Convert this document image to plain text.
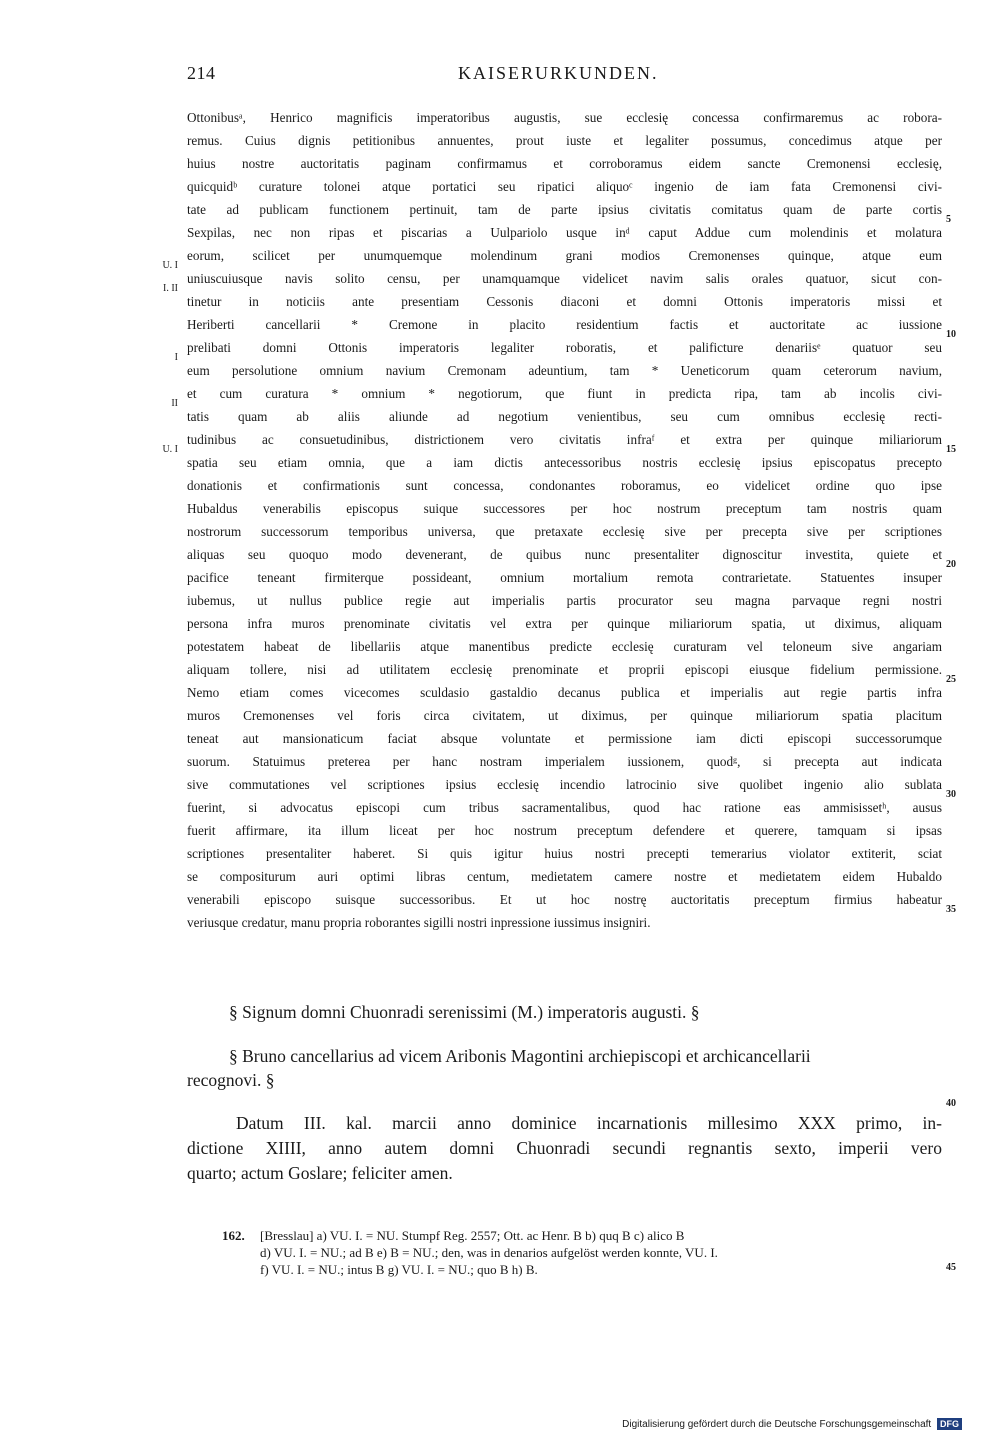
214	KAISERURKUNDEN.
Ottonibusᵃ, Henrico magnificis imperatoribus augustis, sue ecclesię concessa confirmaremus ac robora-
remus. Cuius dignis petitionibus annuentes, prout iuste et legaliter possumus, concedimus atque per
huius nostre auctoritatis paginam confirmamus et corroboramus eidem sancte Cremonensi ecclesię,
quicquidᵇ curature tolonei atque portatici seu ripatici aliquoᶜ ingenio de iam fata Cremonensi civi-
tate ad publicam functionem pertinuit, tam de parte ipsius civitatis comitatus quam de parte cortis
Sexpilas, nec non ripas et piscarias a Uulpariolo usque inᵈ caput Addue cum molendinis et molatura
eorum, scilicet per unumquemque molendinum grani modios Cremonenses quinque, atque eum
uniuscuiusque navis solito censu, per unamquamque videlicet navim salis orales quatuor, sicut con-
tinetur in noticiis ante presentiam Cessonis diaconi et domni Ottonis imperatoris missi et
Heriberti cancellarii * Cremone in placito residentium factis et auctoritate ac iussione
prelibati domni Ottonis imperatoris legaliter roboratis, et palificture denariisᵉ quatuor seu
eum persolutione omnium navium Cremonam adeuntium, tam * Ueneticorum quam ceterorum navium,
et cum curatura * omnium * negotiorum, que fiunt in predicta ripa, tam ab incolis civi-
tatis quam ab aliis aliunde ad negotium venientibus, seu cum omnibus ecclesię recti-
tudinibus ac consuetudinibus, districtionem vero civitatis infraᶠ et extra per quinque miliariorum
spatia seu etiam omnia, que a iam dictis antecessoribus nostris ecclesię ipsius episcopatus precepto
donationis et confirmationis sunt concessa, condonantes roboramus, eo videlicet ordine quo ipse
Hubaldus venerabilis episcopus suique successores per hoc nostrum preceptum tam nostris quam
nostrorum successorum temporibus universa, que pretaxate ecclesię sive per precepta sive per scriptiones
aliquas seu quoquo modo devenerant, de quibus nunc presentaliter dignoscitur investita, quiete et
pacifice teneant firmiterque possideant, omnium mortalium remota contrarietate. Statuentes insuper
iubemus, ut nullus publice regie aut imperialis partis procurator seu magna parvaque regni nostri
persona infra muros prenominate civitatis vel extra per quinque miliariorum spatia, ut diximus, aliquam
potestatem habeat de libellariis atque manentibus predicte ecclesię curaturam vel teloneum sive angariam
aliquam tollere, nisi ad utilitatem ecclesię prenominate et proprii episcopi eiusque fidelium permissione.
Nemo etiam comes vicecomes sculdasio gastaldio decanus publica et imperialis aut regie partis infra
muros Cremonenses vel foris circa civitatem, ut diximus, per quinque miliariorum spatia placitum
teneat aut mansionaticum faciat absque voluntate et permissione iam dicti episcopi successorumque
suorum. Statuimus preterea per hanc nostram imperialem iussionem, quodᵍ, si precepta aut indicata
sive commutationes vel scriptiones ipsius ecclesię incendio latrocinio sive quolibet ingenio alio sublata
fuerint, si advocatus episcopi cum tribus sacramentalibus, quod hac ratione eas ammisissetʰ, ausus
fuerit affirmare, ita illum liceat per hoc nostrum preceptum defendere et querere, tamquam si ipsas
scriptiones presentaliter haberet. Si quis igitur huius nostri precepti temerarius violator extiterit, sciat
se compositurum auri optimi libras centum, medietatem camere nostre et medietatem eidem Hubaldo
venerabili episcopo suisque successoribus. Et ut hoc nostrę auctoritatis preceptum firmius habeatur
veriusque credatur, manu propria roborantes sigilli nostri inpressione iussimus insigniri.
U. I
I. II
I
II
U. I
5
10
15
20
25
30
35
40
45
§ Signum domni Chuonradi serenissimi (M.) imperatoris augusti. §
§ Bruno cancellarius ad vicem Aribonis Magontini archiepiscopi et archicancellarii
recognovi. §
Datum III. kal. marcii anno dominice incarnationis millesimo XXX primo, in-
dictione XIIII, anno autem domni Chuonradi secundi regnantis sexto, imperii vero
quarto; actum Goslare; feliciter amen.
162. [Bresslau] a) VU. I. = NU. Stumpf Reg. 2557; Ott. ac Henr. B b) quq B c) alico B
d) VU. I. = NU.; ad B e) B = NU.; den, was in denarios aufgelöst werden konnte, VU. I.
f) VU. I. = NU.; intus B g) VU. I. = NU.; quo B h) B.
Digitalisierung gefördert durch die Deutsche Forschungsgemeinschaft DFG
